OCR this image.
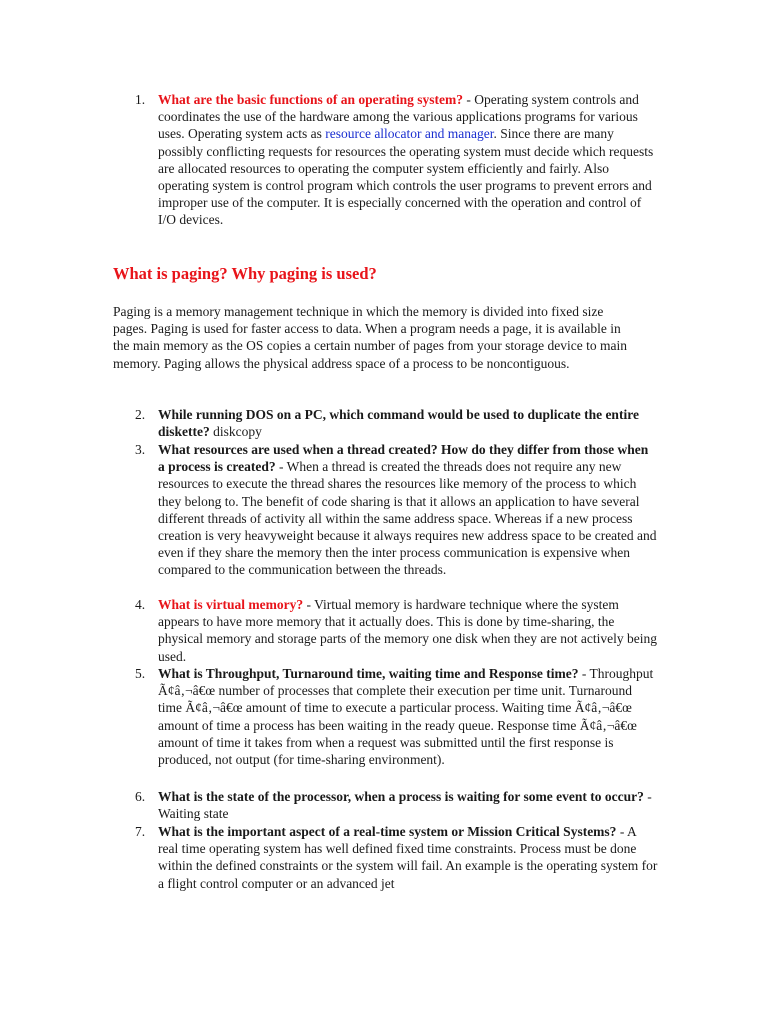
1. What are the basic functions of an operating system? - Operating system controls and coordinates the use of the hardware among the various applications programs for various uses. Operating system acts as resource allocator and manager. Since there are many possibly conflicting requests for resources the operating system must decide which requests are allocated resources to operating the computer system efficiently and fairly. Also operating system is control program which controls the user programs to prevent errors and improper use of the computer. It is especially concerned with the operation and control of I/O devices.
What is paging? Why paging is used?
Paging is a memory management technique in which the memory is divided into fixed size pages. Paging is used for faster access to data. When a program needs a page, it is available in the main memory as the OS copies a certain number of pages from your storage device to main memory. Paging allows the physical address space of a process to be noncontiguous.
2. While running DOS on a PC, which command would be used to duplicate the entire diskette? diskcopy
3. What resources are used when a thread created? How do they differ from those when a process is created? - When a thread is created the threads does not require any new resources to execute the thread shares the resources like memory of the process to which they belong to. The benefit of code sharing is that it allows an application to have several different threads of activity all within the same address space. Whereas if a new process creation is very heavyweight because it always requires new address space to be created and even if they share the memory then the inter process communication is expensive when compared to the communication between the threads.
4. What is virtual memory? - Virtual memory is hardware technique where the system appears to have more memory that it actually does. This is done by time-sharing, the physical memory and storage parts of the memory one disk when they are not actively being used.
5. What is Throughput, Turnaround time, waiting time and Response time? - Throughput Ã¢â‚¬â€œ number of processes that complete their execution per time unit. Turnaround time Ã¢â‚¬â€œ amount of time to execute a particular process. Waiting time Ã¢â‚¬â€œ amount of time a process has been waiting in the ready queue. Response time Ã¢â‚¬â€œ amount of time it takes from when a request was submitted until the first response is produced, not output (for time-sharing environment).
6. What is the state of the processor, when a process is waiting for some event to occur? - Waiting state
7. What is the important aspect of a real-time system or Mission Critical Systems? - A real time operating system has well defined fixed time constraints. Process must be done within the defined constraints or the system will fail. An example is the operating system for a flight control computer or an advanced jet
